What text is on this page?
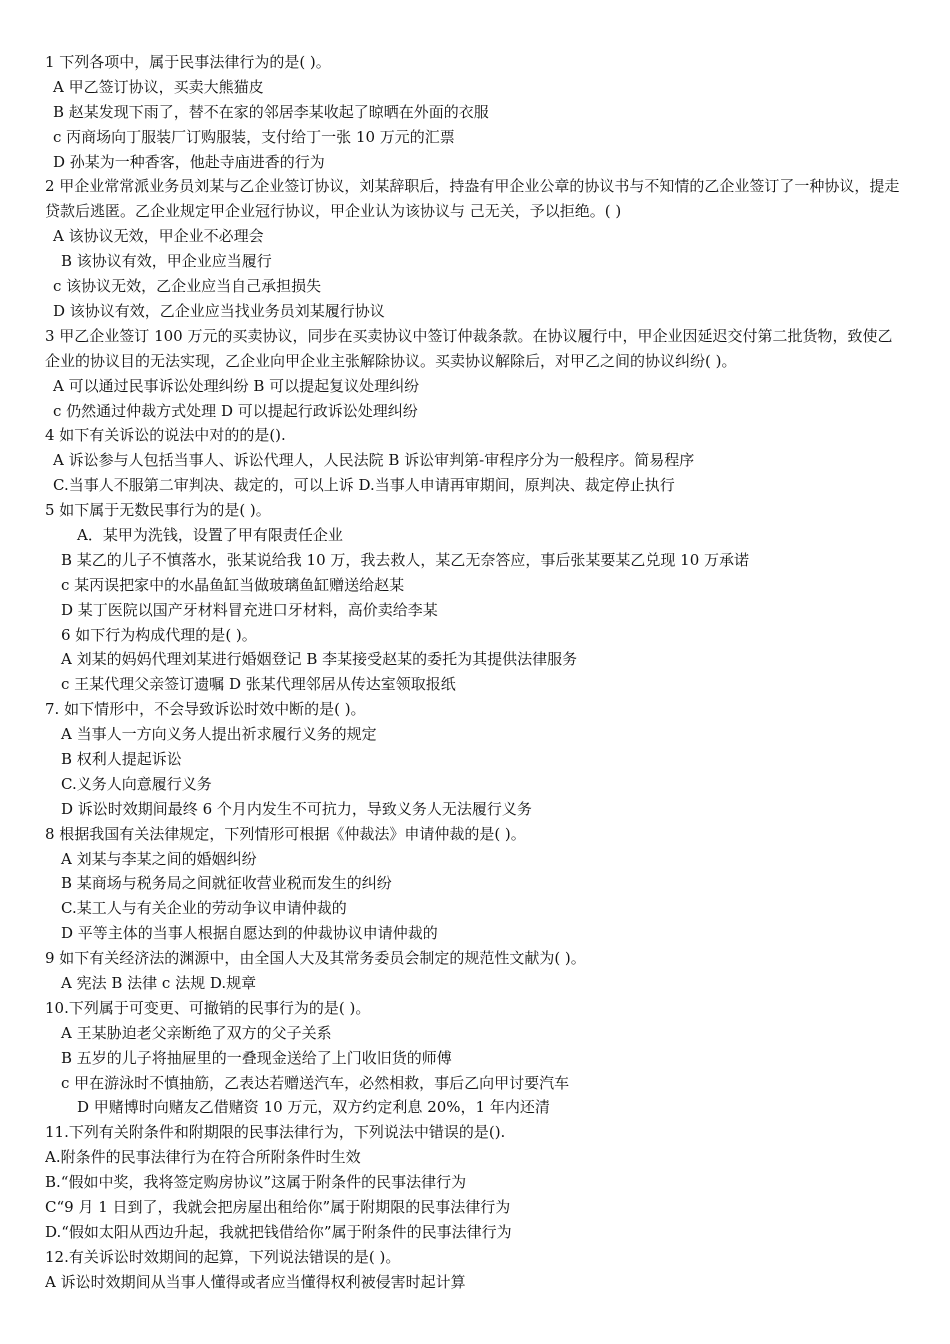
1 下列各项中，属于民事法律行为的是( )。
A 甲乙签订协议，买卖大熊猫皮
B 赵某发现下雨了，替不在家的邻居李某收起了晾晒在外面的衣服
c 丙商场向丁服装厂订购服装，支付给丁一张 10 万元的汇票
D 孙某为一种香客，他赴寺庙进香的行为
2 甲企业常常派业务员刘某与乙企业签订协议，刘某辞职后，持盎有甲企业公章的协议书与不知情的乙企业签订了一种协议，提走贷款后逃匿。乙企业规定甲企业冠行协议，甲企业认为该协议与 己无关，予以拒绝。( )
A 该协议无效，甲企业不必理会
B 该协议有效，甲企业应当履行
c 该协议无效，乙企业应当自己承担损失
D 该协议有效，乙企业应当找业务员刘某履行协议
3 甲乙企业签订 100 万元的买卖协议，同步在买卖协议中签订仲裁条款。在协议履行中，甲企业因延迟交付第二批货物，致使乙企业的协议目的无法实现，乙企业向甲企业主张解除协议。买卖协议解除后，对甲乙之间的协议纠纷( )。
A 可以通过民事诉讼处理纠纷 B 可以提起复议处理纠纷
c 仍然通过仲裁方式处理 D 可以提起行政诉讼处理纠纷
4 如下有关诉讼的说法中对的的是().
A 诉讼参与人包括当事人、诉讼代理人，人民法院 B 诉讼审判第-审程序分为一般程序。简易程序
C.当事人不服第二审判决、裁定的，可以上诉 D.当事人申请再审期间，原判决、裁定停止执行
5 如下属于无数民事行为的是( )。
A．某甲为洗钱，设置了甲有限责任企业
B 某乙的儿子不慎落水，张某说给我 10 万，我去救人，某乙无奈答应，事后张某要某乙兑现 10 万承诺
c 某丙误把家中的水晶鱼缸当做玻璃鱼缸赠送给赵某
D 某丁医院以国产牙材料冒充进口牙材料，高价卖给李某
6 如下行为构成代理的是( )。
A 刘某的妈妈代理刘某进行婚姻登记 B 李某接受赵某的委托为其提供法律服务
c 王某代理父亲签订遗嘱 D 张某代理邻居从传达室领取报纸
7. 如下情形中，不会导致诉讼时效中断的是( )。
A 当事人一方向义务人提出祈求履行义务的规定
B 权利人提起诉讼
C.义务人向意履行义务
D 诉讼时效期间最终 6 个月内发生不可抗力，导致义务人无法履行义务
8 根据我国有关法律规定，下列情形可根据《仲裁法》申请仲裁的是( )。
A 刘某与李某之间的婚姻纠纷
B 某商场与税务局之间就征收营业税而发生的纠纷
C.某工人与有关企业的劳动争议申请仲裁的
D 平等主体的当事人根据自愿达到的仲裁协议申请仲裁的
9 如下有关经济法的渊源中，由全国人大及其常务委员会制定的规范性文献为( )。
A 宪法 B 法律 c 法规 D.规章
10.下列属于可变更、可撤销的民事行为的是( )。
A 王某胁迫老父亲断绝了双方的父子关系
B 五岁的儿子将抽屉里的一叠现金送给了上门收旧货的师傅
c 甲在游泳时不慎抽筋，乙表达若赠送汽车，必然相救，事后乙向甲讨要汽车
D 甲赌博时向赌友乙借赌资 10 万元，双方约定利息 20%，1 年内还清
11.下列有关附条件和附期限的民事法律行为，下列说法中错误的是().
A.附条件的民事法律行为在符合所附条件时生效
B.“假如中奖，我将签定购房协议”这属于附条件的民事法律行为
C“9 月 1 日到了，我就会把房屋出租给你”属于附期限的民事法律行为
D.“假如太阳从西边升起，我就把钱借给你”属于附条件的民事法律行为
12.有关诉讼时效期间的起算，下列说法错误的是( )。
A 诉讼时效期间从当事人懂得或者应当懂得权利被侵害时起计算
